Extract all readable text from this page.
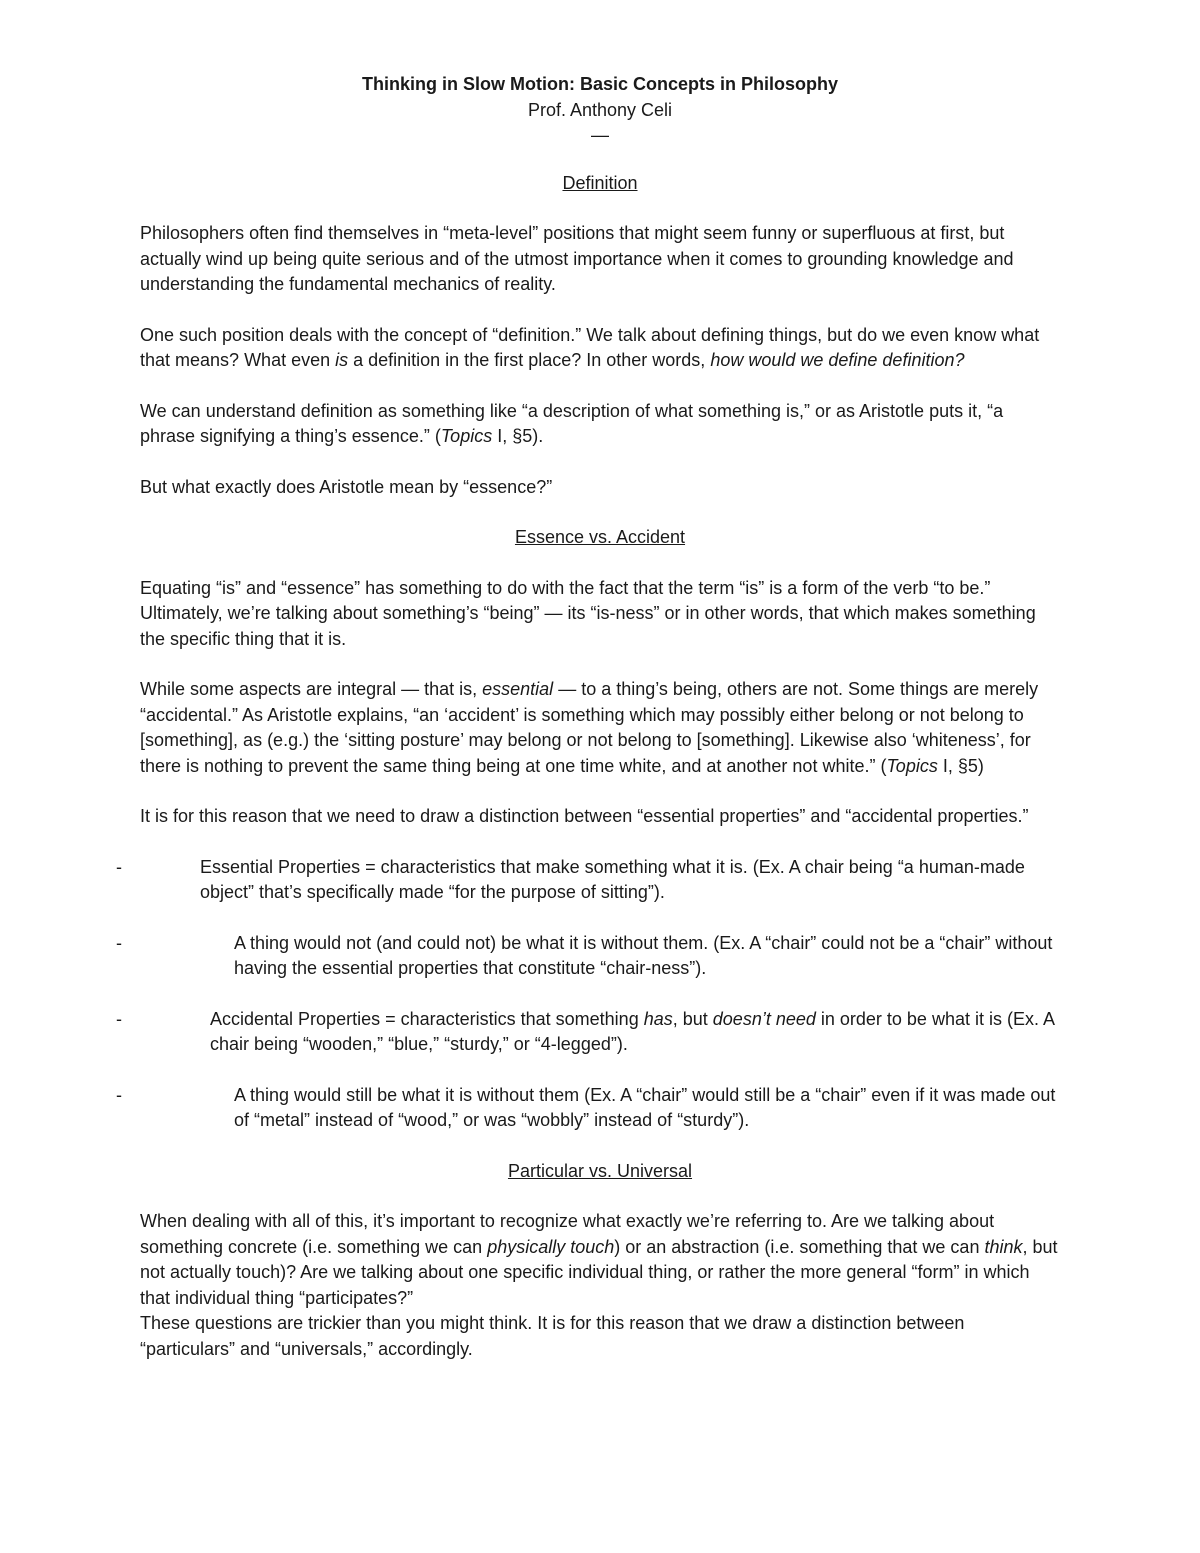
Thinking in Slow Motion: Basic Concepts in Philosophy

Prof. Anthony Celi

—

Definition

Philosophers often find themselves in “meta-level” positions that might seem funny or superfluous at first, but actually wind up being quite serious and of the utmost importance when it comes to grounding knowledge and understanding the fundamental mechanics of reality.

One such position deals with the concept of “definition.” We talk about defining things, but do we even know what that means? What even is a definition in the first place? In other words, how would we define definition?

We can understand definition as something like “a description of what something is,” or as Aristotle puts it, “a phrase signifying a thing’s essence.” (Topics I, §5).

But what exactly does Aristotle mean by “essence?”

Essence vs. Accident

Equating “is” and “essence” has something to do with the fact that the term “is” is a form of the verb “to be.” Ultimately, we’re talking about something’s “being” — its “is-ness” or in other words, that which makes something the specific thing that it is.

While some aspects are integral — that is, essential — to a thing’s being, others are not. Some things are merely “accidental.” As Aristotle explains, “an ‘accident’ is something which may possibly either belong or not belong to [something], as (e.g.) the ‘sitting posture’ may belong or not belong to [something]. Likewise also ‘whiteness’, for there is nothing to prevent the same thing being at one time white, and at another not white.” (Topics I, §5)

It is for this reason that we need to draw a distinction between “essential properties” and “accidental properties.”

-	Essential Properties = characteristics that make something what it is. (Ex. A chair being “a human-made object” that’s specifically made “for the purpose of sitting”).
-	A thing would not (and could not) be what it is without them. (Ex. A “chair” could not be a “chair” without having the essential properties that constitute “chair-ness”).
-	Accidental Properties = characteristics that something has, but doesn’t need in order to be what it is (Ex. A chair being “wooden,” “blue,” “sturdy,” or “4-legged”).
-	A thing would still be what it is without them (Ex. A “chair” would still be a “chair” even if it was made out of “metal” instead of “wood,” or was “wobbly” instead of “sturdy”).

Particular vs. Universal

When dealing with all of this, it’s important to recognize what exactly we’re referring to. Are we talking about something concrete (i.e. something we can physically touch) or an abstraction (i.e. something that we can think, but not actually touch)? Are we talking about one specific individual thing, or rather the more general “form” in which that individual thing “participates?”

These questions are trickier than you might think. It is for this reason that we draw a distinction between “particulars” and “universals,” accordingly.
